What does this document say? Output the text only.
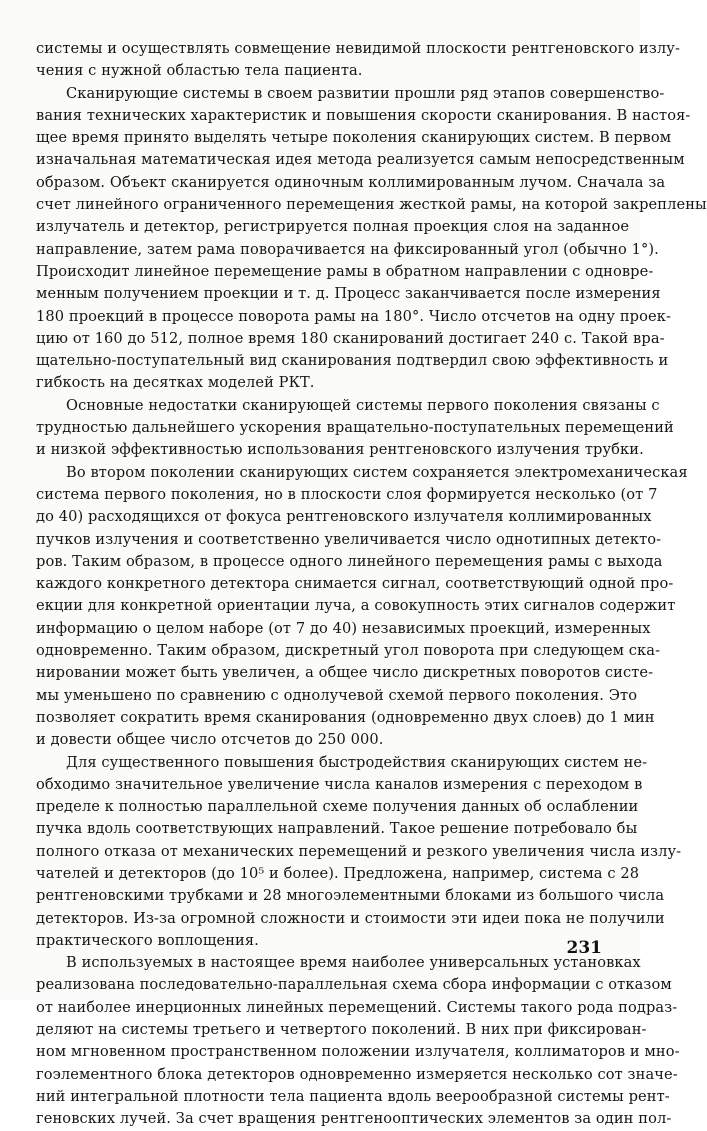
системы и осуществлять совмещение невидимой плоскости рентгеновского излу-
чения с нужной областью тела пациента.
Сканирующие системы в своем развитии прошли ряд этапов совершенство-
вания технических характеристик и повышения скорости сканирования. В настоя-
щее время принято выделять четыре поколения сканирующих систем. В первом
изначальная математическая идея метода реализуется самым непосредственным
образом. Объект сканируется одиночным коллимированным лучом. Сначала за
счет линейного ограниченного перемещения жесткой рамы, на которой закреплены
излучатель и детектор, регистрируется полная проекция слоя на заданное
направление, затем рама поворачивается на фиксированный угол (обычно 1°).
Происходит линейное перемещение рамы в обратном направлении с одновре-
менным получением проекции и т. д. Процесс заканчивается после измерения
180 проекций в процессе поворота рамы на 180°. Число отсчетов на одну проек-
цию от 160 до 512, полное время 180 сканирований достигает 240 с. Такой вра-
щательно-поступательный вид сканирования подтвердил свою эффективность и
гибкость на десятках моделей РКТ.
Основные недостатки сканирующей системы первого поколения связаны с
трудностью дальнейшего ускорения вращательно-поступательных перемещений
и низкой эффективностью использования рентгеновского излучения трубки.
Во втором поколении сканирующих систем сохраняется электромеханическая
система первого поколения, но в плоскости слоя формируется несколько (от 7
до 40) расходящихся от фокуса рентгеновского излучателя коллимированных
пучков излучения и соответственно увеличивается число однотипных детекто-
ров. Таким образом, в процессе одного линейного перемещения рамы с выхода
каждого конкретного детектора снимается сигнал, соответствующий одной про-
екции для конкретной ориентации луча, а совокупность этих сигналов содержит
информацию о целом наборе (от 7 до 40) независимых проекций, измеренных
одновременно. Таким образом, дискретный угол поворота при следующем ска-
нировании может быть увеличен, а общее число дискретных поворотов систе-
мы уменьшено по сравнению с однолучевой схемой первого поколения. Это
позволяет сократить время сканирования (одновременно двух слоев) до 1 мин
и довести общее число отсчетов до 250 000.
Для существенного повышения быстродействия сканирующих систем не-
обходимо значительное увеличение числа каналов измерения с переходом в
пределе к полностью параллельной схеме получения данных об ослаблении
пучка вдоль соответствующих направлений. Такое решение потребовало бы
полного отказа от механических перемещений и резкого увеличения числа излу-
чателей и детекторов (до 10⁵ и более). Предложена, например, система с 28
рентгеновскими трубками и 28 многоэлементными блоками из большого числа
детекторов. Из-за огромной сложности и стоимости эти идеи пока не получили
практического воплощения.
В используемых в настоящее время наиболее универсальных установках
реализована последовательно-параллельная схема сбора информации с отказом
от наиболее инерционных линейных перемещений. Системы такого рода подраз-
деляют на системы третьего и четвертого поколений. В них при фиксирован-
ном мгновенном пространственном положении излучателя, коллиматоров и мно-
гоэлементного блока детекторов одновременно измеряется несколько сот значе-
ний интегральной плотности тела пациента вдоль веерообразной системы рент-
геновских лучей. За счет вращения рентгенооптических элементов за один пол-
231
